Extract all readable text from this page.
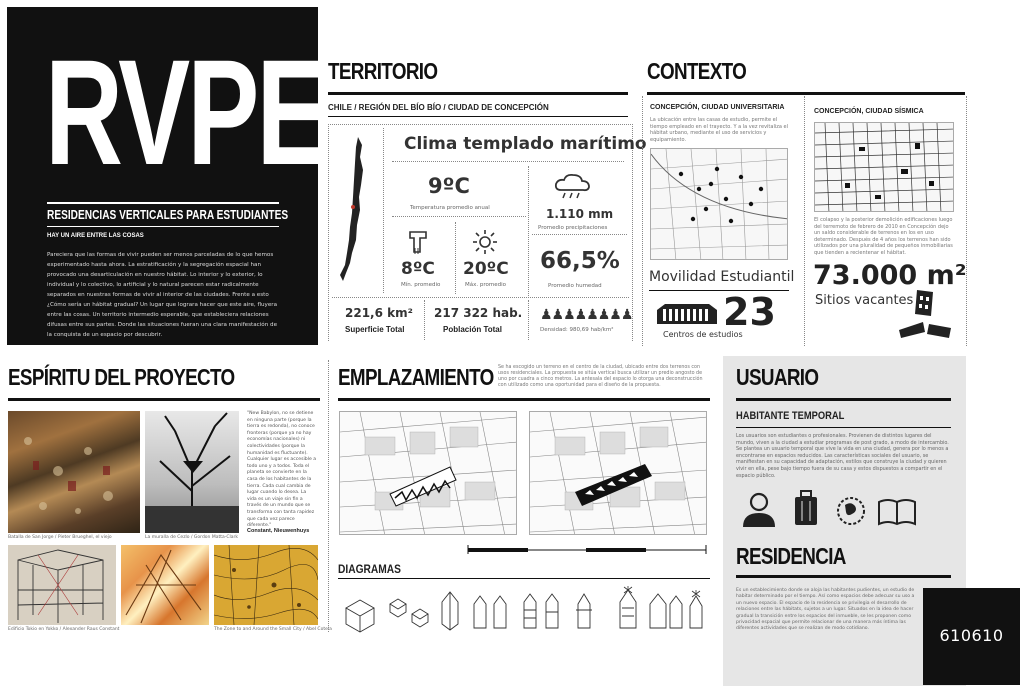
RVPE
RESIDENCIAS VERTICALES PARA ESTUDIANTES
HAY UN AIRE ENTRE LAS COSAS
Pareciera que las formas de vivir pueden ser menos parceladas de lo que hemos experimentado hasta ahora. La estratificación y la segregación espacial han provocado una desarticulación en nuestro hábitat. Lo interior y lo exterior, lo individual y lo colectivo, lo artificial y lo natural parecen estar radicalmente separados en nuestras formas de vivir al interior de las ciudades. Frente a esto ¿Cómo sería un hábitat gradual? Un lugar que lograra hacer que este aire, fluyera entre las cosas. Un territorio intermedio esperable, que estableciera relaciones difusas entre sus partes. Donde las situaciones fueran una clara manifestación de la conquista de un espacio por descubrir.
TERRITORIO
CHILE / REGIÓN DEL BÍO BÍO / CIUDAD DE CONCEPCIÓN
Clima templado marítimo
9ºC
Temperatura promedio anual	1.110 mm
Promedio precipitaciones
8ºC
Mín. promedio
20ºC
Máx. promedio
66,5%
Promedio humedad
221,6 km²
Superficie Total
217 322 hab.
Población Total
♟♟♟♟♟♟♟♟
Densidad: 980,69 hab/km²
CONTEXTO
CONCEPCIÓN, CIUDAD UNIVERSITARIA
La ubicación entre las casas de estudio, permite el tiempo empleado en el trayecto. Y a la vez revitaliza el hábitat urbano, mediante el uso de servicios y equipamiento.
Movilidad Estudiantil
23
Centros de estudios
CONCEPCIÓN, CIUDAD SÍSMICA
El colapso y la posterior demolición edificaciones luego del terremoto de febrero de 2010 en Concepción dejo un saldo considerable de terrenos en los en uso determinado. Después de 4 años los terrenos han sido utilizados por una pluralidad de pequeños inmobiliarias que tienden a recientenar el hábitat.
73.000 m²
Sitios vacantes
ESPÍRITU DEL PROYECTO
Batalla de San Jorge / Pieter Brueghel, el viejo	La muralla de Cezlo / Gordon Matta-Clark
"New Babylon, no se detiene en ninguna parte (porque la tierra es redonda), no conoce fronteras (porque ya no hay economías nacionales) ni colectividades (porque la humanidad es fluctuante). Cualquier lugar es accesible a todo uno y a todos. Toda el planeta se convierte en la casa de los habitantes de la tierra. Cada cual cambia de lugar cuando lo desea. La vida es un viaje sin fin a través de un mundo que se transforma con tanta rapidez que cada vez parece diferente."
Constant, Nieuwenhuys
Edificio Tokio en Yokko / Alexander Raus Constant	The Zone to and Around the Small City / Abel Cotela
EMPLAZAMIENTO Se ha escogido un terreno en el centro de la ciudad, ubicado entre dos terrenos con usos residenciales. La propuesta se sitúa vertical busca utilizar un predio angosto de uno por cuadra a cinco metros. La antesala del espacio lo otorga una deconstrucción con utilizado como una oportunidad para el diseño de la propuesta.
DIAGRAMAS
USUARIO
HABITANTE TEMPORAL
Los usuarios son estudiantes o profesionales. Provienen de distintos lugares del mundo, viven a la ciudad a estudiar programas de post grado, a modo de intercambio. Se plantea un usuario temporal que vive la vida en una ciudad, genera por lo menos a encontrarse en espacios reducidos. Las características sociales del usuario, se manifiestan en su capacidad de adaptación, estilos que construye la ciudad y quieren vivir en ella, pese bajo tiempo fuera de su casa y estos dispuestos a compartir en el espacio público.
RESIDENCIA
Es un establecimiento donde se aloja las habitantes pudientes, un estudio de habitar determinado por el tiempo. Así como espacios debe adecuar su uso a un nuevo espacio. El espacio de la residencia se privilegia el desarrollo de relaciones entre las hábitats, sujetos a un lugar. Situados en la idea de hacer gradual la transición entre los espacios del inmueble, se les proponen como privacidad espacial que permite relacionar de una manera más íntima las diferentes actividades que se realizan de modo cotidiano.	610610
